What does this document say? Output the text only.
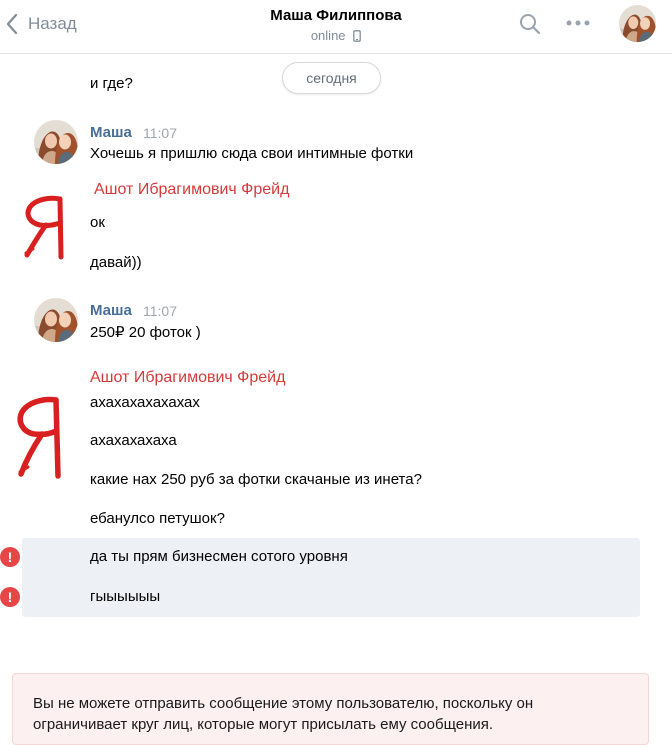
Назад	Маша Филиппова
online
сегодня
и где?
Маша 11:07
Хочешь я пришлю сюда свои интимные фотки
Ашот Ибрагимович Фрейд
ок
давай))
Маша 11:07
250₽ 20 фоток )
Ашот Ибрагимович Фрейд
ахахахахахахах
ахахахахаха
какие нах 250 руб за фотки скачаные из инета?
ебанулсо петушок?
!	да ты прям бизнесмен сотого уровня
!	гыыыыыы
Вы не можете отправить сообщение этому пользователю, поскольку он
ограничивает круг лиц, которые могут присылать ему сообщения.
